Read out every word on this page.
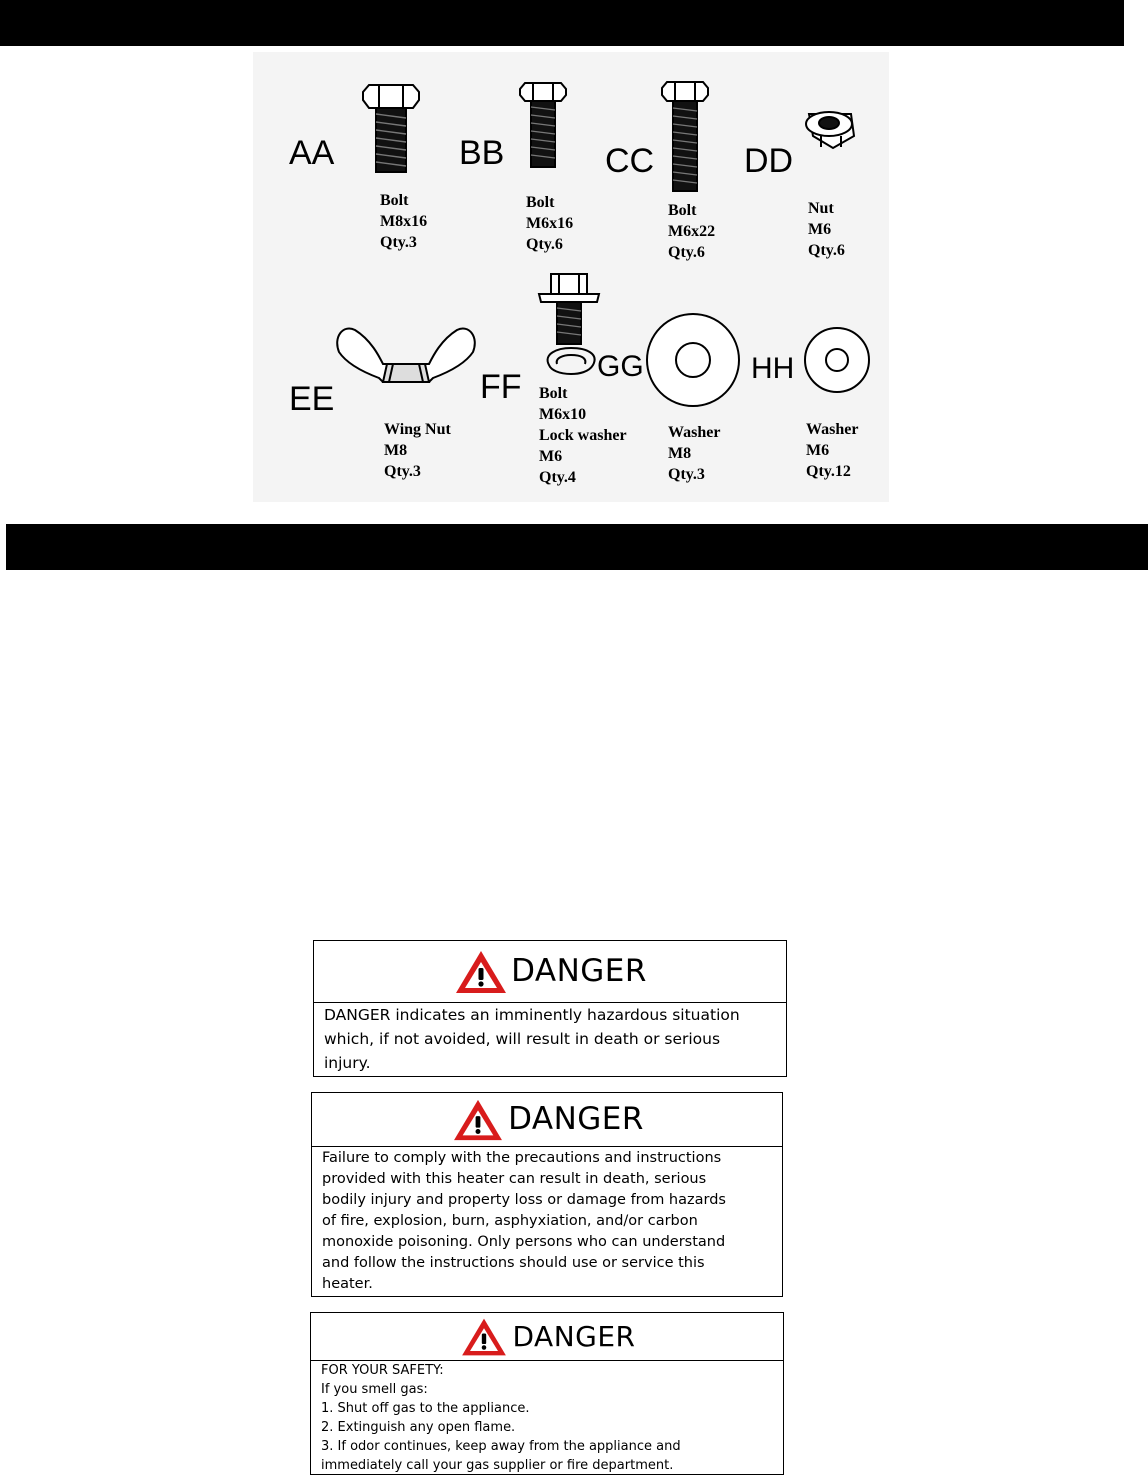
AA	BB	CC	DD
EE	FF
GG	HH
Bolt
M8x16
Qty.3
Bolt
M6x16
Qty.6
Bolt
M6x22
Qty.6
Nut
M6
Qty.6
Wing Nut
M8
Qty.3
Bolt
M6x10
Lock washer
M6
Qty.4
Washer
M8
Qty.3
Washer
M6
Qty.12
DANGER
DANGER indicates an imminently hazardous situation
which, if not avoided, will result in death or serious
injury.
DANGER
Failure to comply with the precautions and instructions
provided with this heater can result in death, serious
bodily injury and property loss or damage from hazards
of fire, explosion, burn, asphyxiation, and/or carbon
monoxide poisoning. Only persons who can understand
and follow the instructions should use or service this
heater.
DANGER
FOR YOUR SAFETY:
If you smell gas:
1. Shut off gas to the appliance.
2. Extinguish any open flame.
3. If odor continues, keep away from the appliance and
immediately call your gas supplier or fire department.
